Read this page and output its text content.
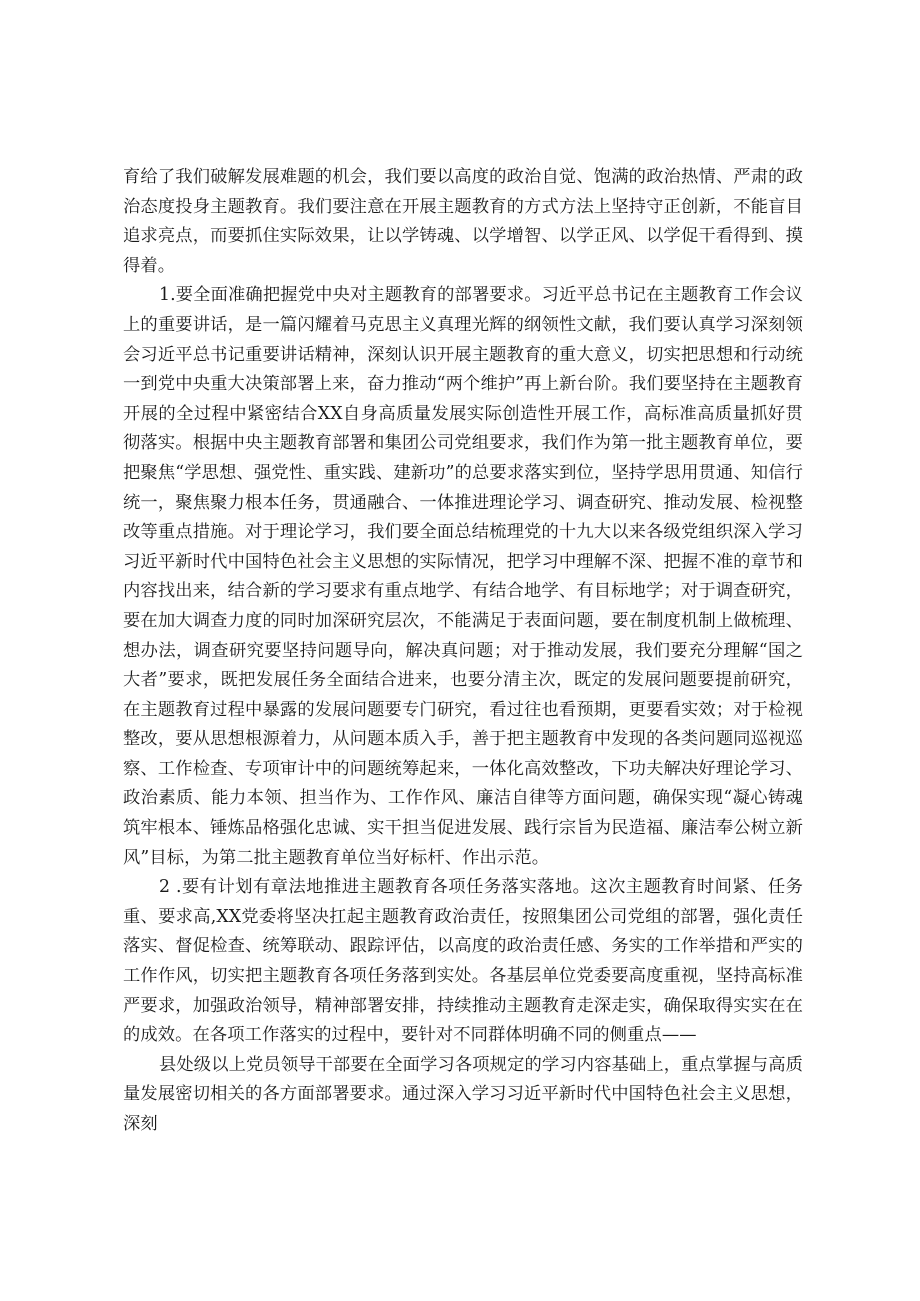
育给了我们破解发展难题的机会，我们要以高度的政治自觉、饱满的政治热情、严肃的政治态度投身主题教育。我们要注意在开展主题教育的方式方法上坚持守正创新，不能盲目追求亮点，而要抓住实际效果，让以学铸魂、以学增智、以学正风、以学促干看得到、摸得着。

1.要全面准确把握党中央对主题教育的部署要求。习近平总书记在主题教育工作会议上的重要讲话，是一篇闪耀着马克思主义真理光辉的纲领性文献，我们要认真学习深刻领会习近平总书记重要讲话精神，深刻认识开展主题教育的重大意义，切实把思想和行动统一到党中央重大决策部署上来，奋力推动“两个维护”再上新台阶。我们要坚持在主题教育开展的全过程中紧密结合XX自身高质量发展实际创造性开展工作，高标准高质量抓好贯彻落实。根据中央主题教育部署和集团公司党组要求，我们作为第一批主题教育单位，要把聚焦“学思想、强党性、重实践、建新功”的总要求落实到位，坚持学思用贯通、知信行统一，聚焦聚力根本任务，贯通融合、一体推进理论学习、调查研究、推动发展、检视整改等重点措施。对于理论学习，我们要全面总结梳理党的十九大以来各级党组织深入学习习近平新时代中国特色社会主义思想的实际情况，把学习中理解不深、把握不准的章节和内容找出来，结合新的学习要求有重点地学、有结合地学、有目标地学；对于调查研究，要在加大调查力度的同时加深研究层次，不能满足于表面问题，要在制度机制上做梳理、想办法，调查研究要坚持问题导向，解决真问题；对于推动发展，我们要充分理解“国之大者”要求，既把发展任务全面结合进来，也要分清主次，既定的发展问题要提前研究，在主题教育过程中暴露的发展问题要专门研究，看过往也看预期，更要看实效；对于检视整改，要从思想根源着力，从问题本质入手，善于把主题教育中发现的各类问题同巡视巡察、工作检查、专项审计中的问题统筹起来，一体化高效整改，下功夫解决好理论学习、政治素质、能力本领、担当作为、工作作风、廉洁自律等方面问题，确保实现“凝心铸魂筑牢根本、锤炼品格强化忠诚、实干担当促进发展、践行宗旨为民造福、廉洁奉公树立新风”目标，为第二批主题教育单位当好标杆、作出示范。

2 .要有计划有章法地推进主题教育各项任务落实落地。这次主题教育时间紧、任务重、要求高,XX党委将坚决扛起主题教育政治责任，按照集团公司党组的部署，强化责任落实、督促检查、统筹联动、跟踪评估，以高度的政治责任感、务实的工作举措和严实的工作作风，切实把主题教育各项任务落到实处。各基层单位党委要高度重视，坚持高标准严要求，加强政治领导，精神部署安排，持续推动主题教育走深走实，确保取得实实在在的成效。在各项工作落实的过程中，要针对不同群体明确不同的侧重点——

县处级以上党员领导干部要在全面学习各项规定的学习内容基础上，重点掌握与高质量发展密切相关的各方面部署要求。通过深入学习习近平新时代中国特色社会主义思想，深刻
